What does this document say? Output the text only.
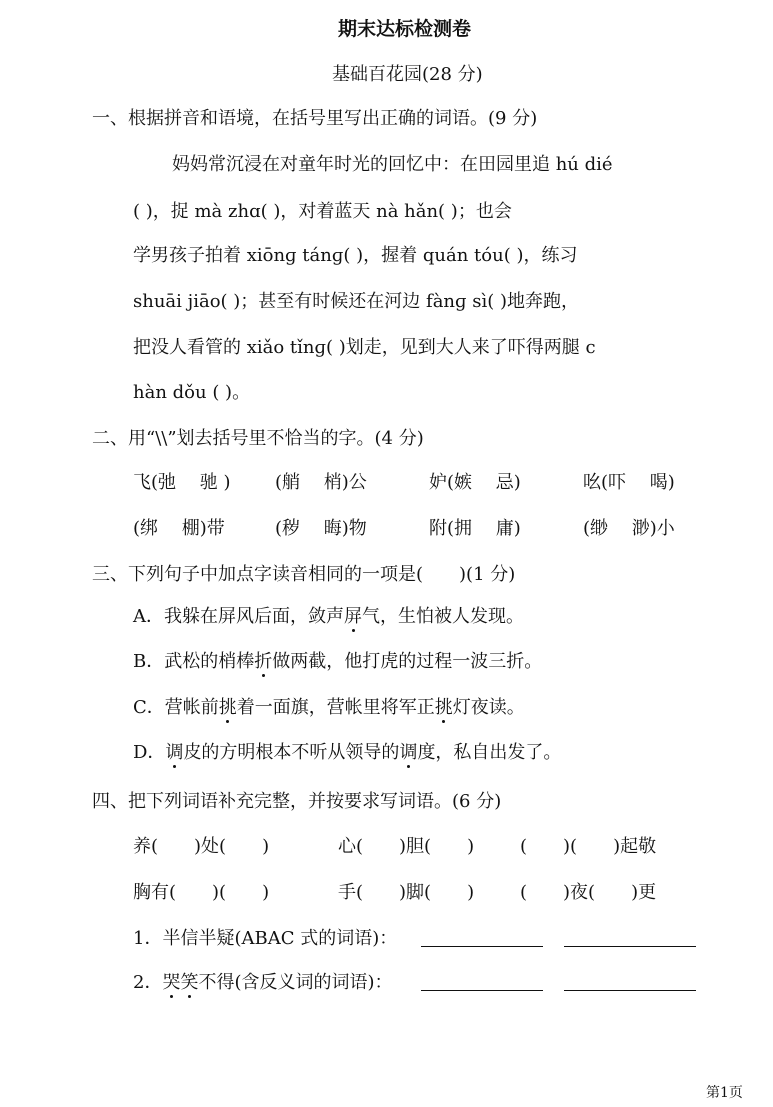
期末达标检测卷
基础百花园(28 分)
一、根据拼音和语境，在括号里写出正确的词语。(9 分)
妈妈常沉浸在对童年时光的回忆中：在田园里追 hú dié
( )，捉 mà zhɑ( )，对着蓝天 nà hǎn( )；也会
学男孩子拍着 xiōnɡ tánɡ( )，握着 quán tóu( )，练习
shuāi jiāo( )；甚至有时候还在河边 fànɡ sì( )地奔跑，
把没人看管的 xiǎo tǐnɡ( )划走，见到大人来了吓得两腿 c
hàn dǒu ( )。
二、用“\\”划去括号里不恰当的字。(4 分)
飞(弛　 驰 ) (艄　 梢)公	妒(嫉　 忌)	吆(吓　 喝)
(绑　 棚)带	(秽　 晦)物	附(拥　 庸)	(缈　 渺)小
三、下列句子中加点字读音相同的一项是(　　)(1 分)
A．我躲在屏风后面，敛声屏气，生怕被人发现。
B．武松的梢棒折做两截，他打虎的过程一波三折。
C．营帐前挑着一面旗，营帐里将军正挑灯夜读。
D．调皮的方明根本不听从领导的调度，私自出发了。
四、把下列词语补充完整，并按要求写词语。(6 分)
养(　　)处(　　)	心(　　)胆(　　)	(　　)(　　)起敬
胸有(　　)(　　)	手(　　)脚(　　)	(　　)夜(　　)更
1．半信半疑(ABAC 式的词语)：
2．哭笑不得(含反义词的词语)：
第1页
